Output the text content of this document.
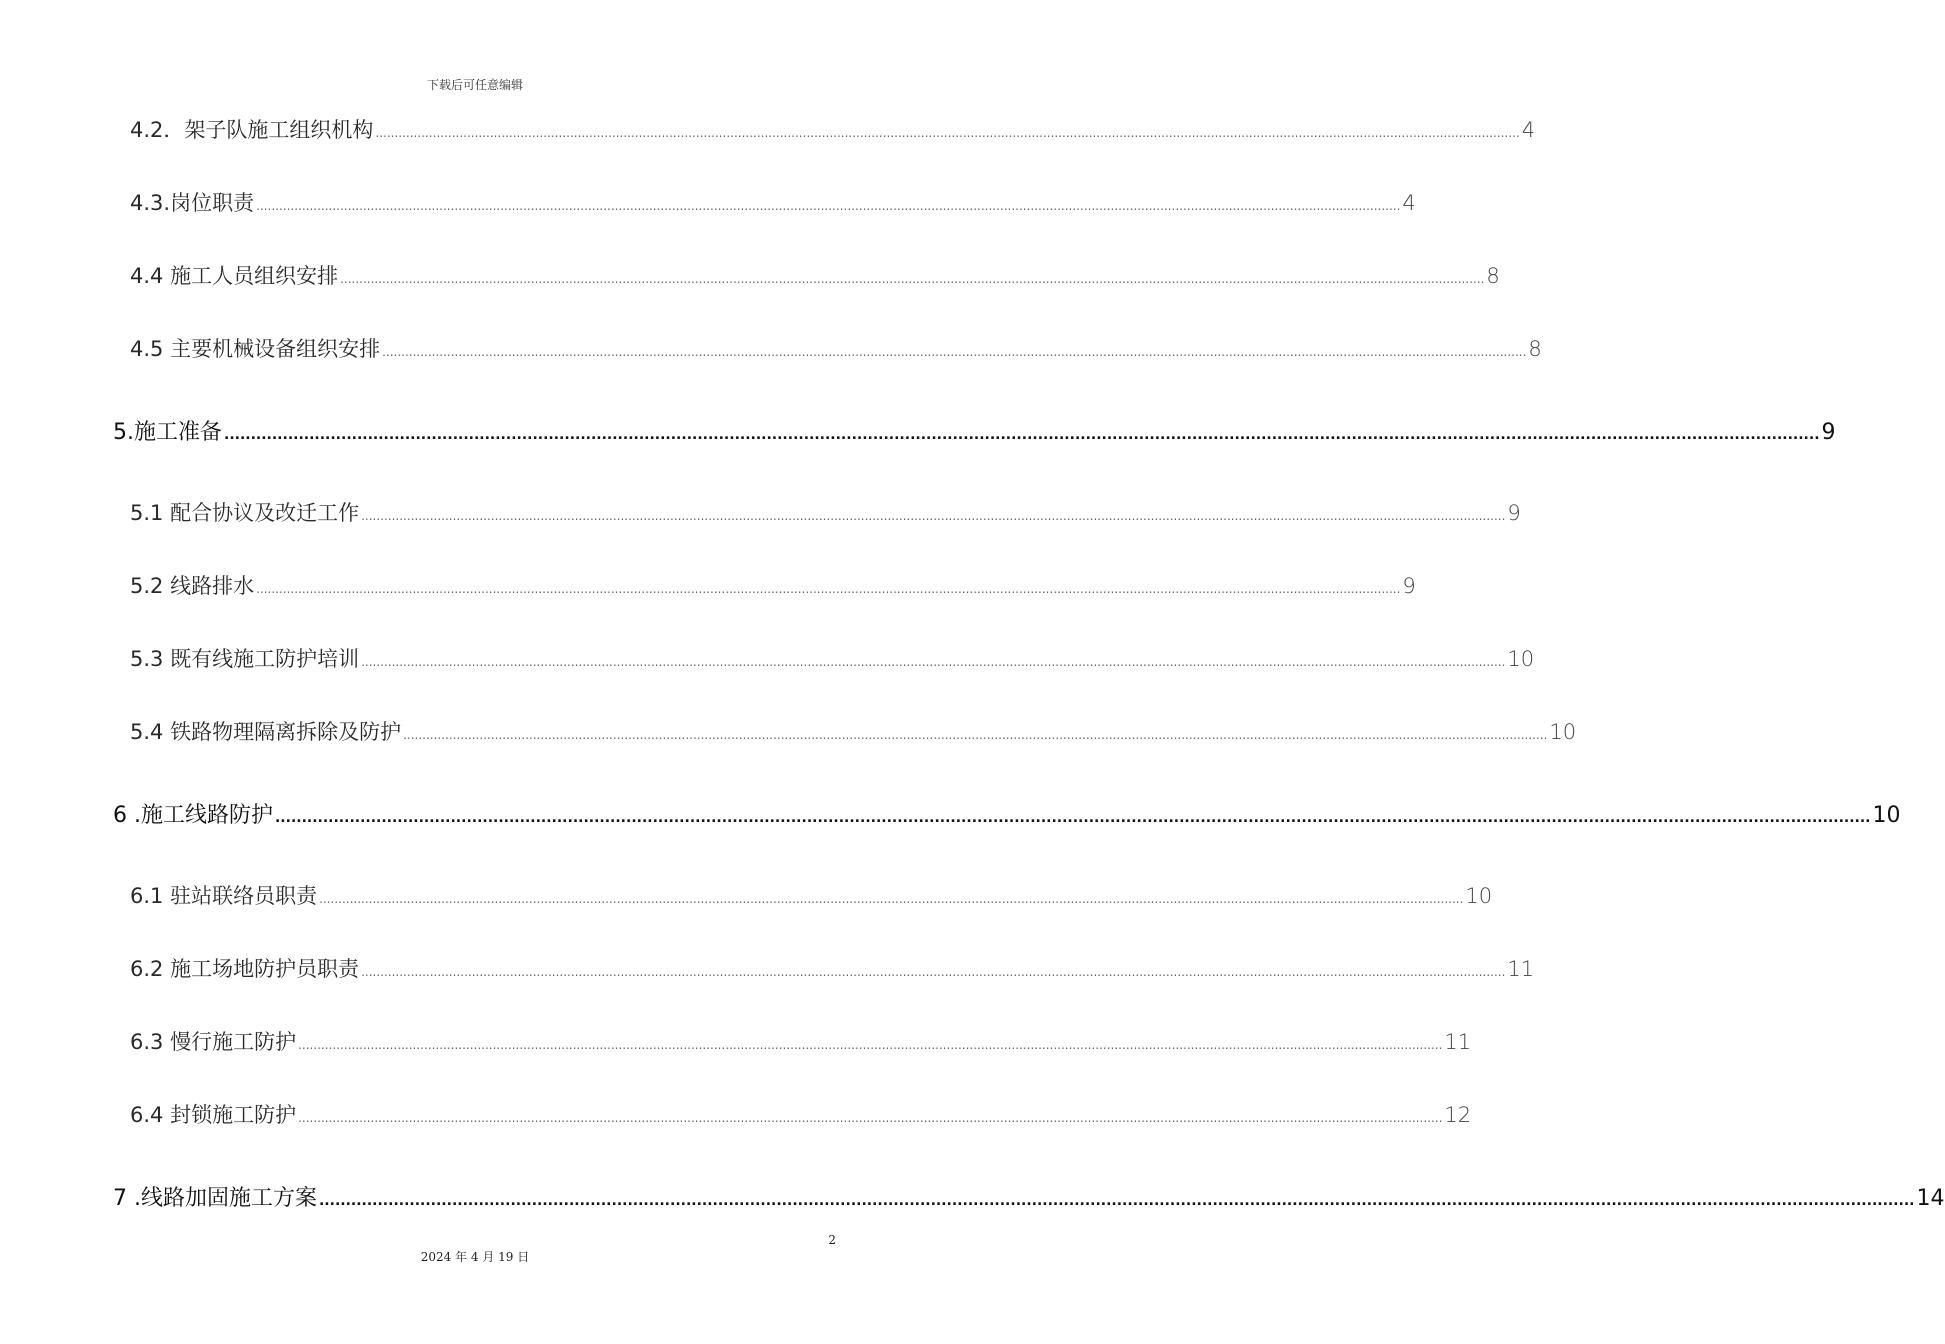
下载后可任意编辑
4.2．架子队施工组织机构 ............................................................................................................................................................................................................................................................................................................ 4
4.3.岗位职责 ............................................................................................................................................................................................................................................................................................................ 4
4.4 施工人员组织安排 ............................................................................................................................................................................................................................................................................................................ 8
4.5 主要机械设备组织安排 ............................................................................................................................................................................................................................................................................................................ 8
5.施工准备 ............................................................................................................................................................................................................................................................................................................ 9
5.1 配合协议及改迁工作 ............................................................................................................................................................................................................................................................................................................ 9
5.2 线路排水 ............................................................................................................................................................................................................................................................................................................ 9
5.3 既有线施工防护培训 ............................................................................................................................................................................................................................................................................................................ 10
5.4 铁路物理隔离拆除及防护 ............................................................................................................................................................................................................................................................................................................ 10
6 .施工线路防护 ............................................................................................................................................................................................................................................................................................................ 10
6.1 驻站联络员职责 ............................................................................................................................................................................................................................................................................................................ 10
6.2 施工场地防护员职责 ............................................................................................................................................................................................................................................................................................................ 11
6.3 慢行施工防护 ............................................................................................................................................................................................................................................................................................................ 11
6.4 封锁施工防护 ............................................................................................................................................................................................................................................................................................................ 12
7 .线路加固施工方案 ............................................................................................................................................................................................................................................................................................................ 14
2
2024 年 4 月 19 日
